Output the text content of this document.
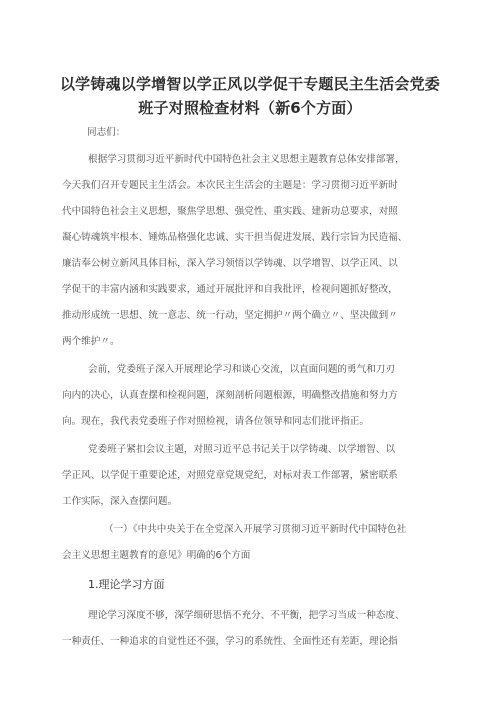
以学铸魂以学增智以学正风以学促干专题民主生活会党委
班子对照检查材料（新6个方面）
同志们：
根据学习贯彻习近平新时代中国特色社会主义思想主题教育总体安排部署，
今天我们召开专题民主生活会。本次民主生活会的主题是：学习贯彻习近平新时
代中国特色社会主义思想，聚焦学思想、强党性、重实践、建新功总要求，对照
凝心铸魂筑牢根本、锤炼品格强化忠诚、实干担当促进发展、践行宗旨为民造福、
廉洁奉公树立新风具体目标，深入学习领悟以学铸魂、以学增智、以学正风、以
学促干的丰富内涵和实践要求，通过开展批评和自我批评，检视问题抓好整改，
推动形成统一思想、统一意志、统一行动，坚定拥护〃两个确立〃、坚决做到〃
两个维护〃。
会前，党委班子深入开展理论学习和谈心交流，以直面问题的勇气和刀刃
向内的决心，认真查摆和检视问题，深刻剖析问题根源，明确整改措施和努力方
向。现在，我代表党委班子作对照检视，请各位领导和同志们批评指正。
党委班子紧扣会议主题，对照习近平总书记关于以学铸魂、以学增智、以
学正风、以学促干重要论述，对照党章党规党纪，对标对表工作部署，紧密联系
工作实际，深入查摆问题。
（一）《中共中央关于在全党深入开展学习贯彻习近平新时代中国特色社
会主义思想主题教育的意见》明确的6个方面
1.理论学习方面
理论学习深度不够，深学细研思悟不充分、不平衡，把学习当成一种态度、
一种责任、一种追求的自觉性还不强，学习的系统性、全面性还有差距，理论指
